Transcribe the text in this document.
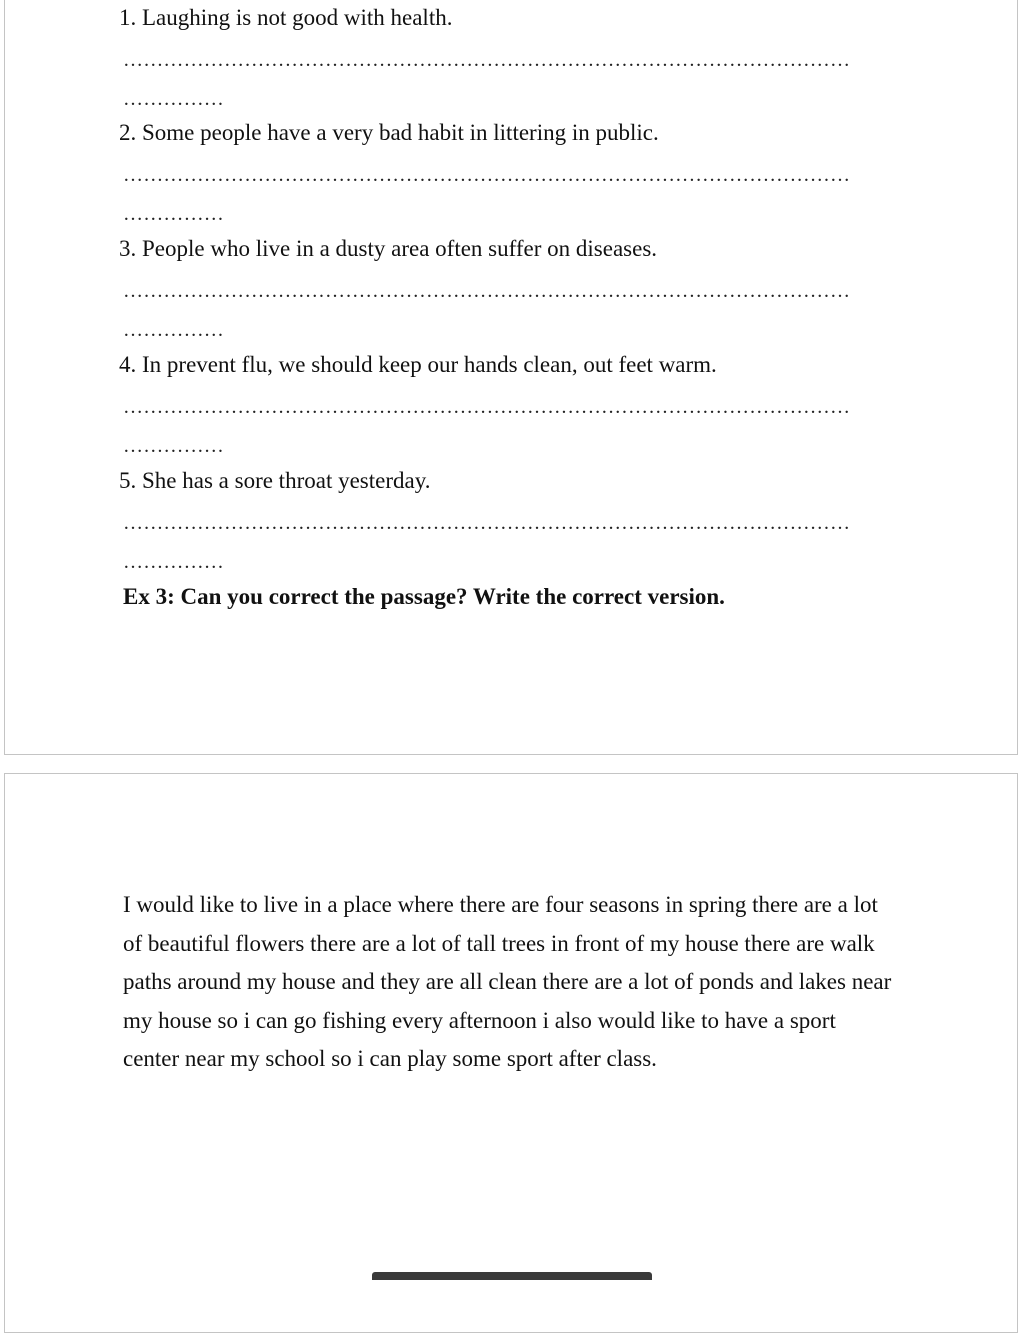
1. Laughing is not good with health.
………………………………………………………………………………………………
……………
2. Some people have a very bad habit in littering in public.
………………………………………………………………………………………………
……………
3. People who live in a dusty area often suffer on diseases.
………………………………………………………………………………………………
……………
4. In prevent flu, we should keep our hands clean, out feet warm.
………………………………………………………………………………………………
……………
5. She has a sore throat yesterday.
………………………………………………………………………………………………
……………
Ex 3: Can you correct the passage? Write the correct version.
I would like to live in a place where there are four seasons in spring there are a lot
of beautiful flowers there are a lot of tall trees in front of my house there are walk
paths around my house and they are all clean there are a lot of ponds and lakes near
my house so i can go fishing every afternoon i also would like to have a sport
center near my school so i can play some sport after class.
